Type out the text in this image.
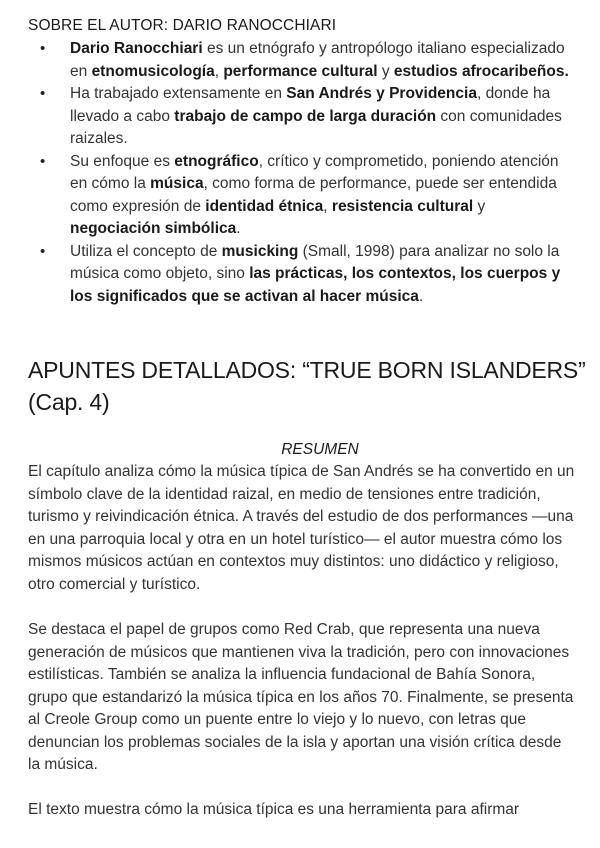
SOBRE EL AUTOR: DARIO RANOCCHIARI
• Dario Ranocchiari es un etnógrafo y antropólogo italiano especializado en etnomusicología, performance cultural y estudios afrocaribeños.
• Ha trabajado extensamente en San Andrés y Providencia, donde ha llevado a cabo trabajo de campo de larga duración con comunidades raizales.
• Su enfoque es etnográfico, crítico y comprometido, poniendo atención en cómo la música, como forma de performance, puede ser entendida como expresión de identidad étnica, resistencia cultural y negociación simbólica.
• Utiliza el concepto de musicking (Small, 1998) para analizar no solo la música como objeto, sino las prácticas, los contextos, los cuerpos y los significados que se activan al hacer música.
APUNTES DETALLADOS: “TRUE BORN ISLANDERS” (Cap. 4)
RESUMEN

El capítulo analiza cómo la música típica de San Andrés se ha convertido en un símbolo clave de la identidad raizal, en medio de tensiones entre tradición, turismo y reivindicación étnica. A través del estudio de dos performances —una en una parroquia local y otra en un hotel turístico— el autor muestra cómo los mismos músicos actúan en contextos muy distintos: uno didáctico y religioso, otro comercial y turístico.

Se destaca el papel de grupos como Red Crab, que representa una nueva generación de músicos que mantienen viva la tradición, pero con innovaciones estilísticas. También se analiza la influencia fundacional de Bahía Sonora, grupo que estandarizó la música típica en los años 70. Finalmente, se presenta al Creole Group como un puente entre lo viejo y lo nuevo, con letras que denuncian los problemas sociales de la isla y aportan una visión crítica desde la música.

El texto muestra cómo la música típica es una herramienta para afirmar
